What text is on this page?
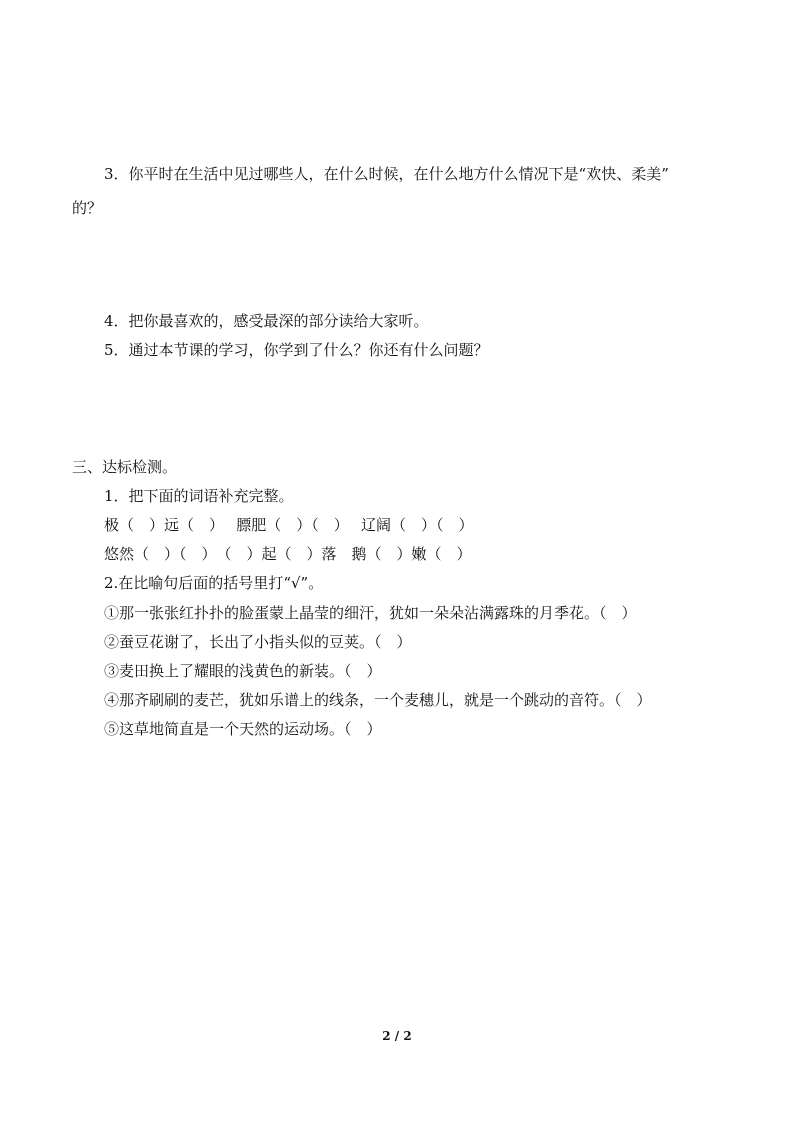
3．你平时在生活中见过哪些人，在什么时候，在什么地方什么情况下是“欢快、柔美”
的？
4．把你最喜欢的，感受最深的部分读给大家听。
5．通过本节课的学习，你学到了什么？你还有什么问题？
三、达标检测。
1．把下面的词语补充完整。
极（　）远（　）　 膘肥（　）（　）　 辽阔（　）（　）
悠然（　）（　）　（　）起（　）落　鹅（　）嫩（　）
2.在比喻句后面的括号里打“√”。
①那一张张红扑扑的脸蛋蒙上晶莹的细汗，犹如一朵朵沾满露珠的月季花。（　）
②蚕豆花谢了，长出了小指头似的豆荚。（　）
③麦田换上了耀眼的浅黄色的新装。（　）
④那齐刷刷的麦芒，犹如乐谱上的线条，一个麦穗儿，就是一个跳动的音符。（　）
⑤这草地简直是一个天然的运动场。（　）
2 / 2
